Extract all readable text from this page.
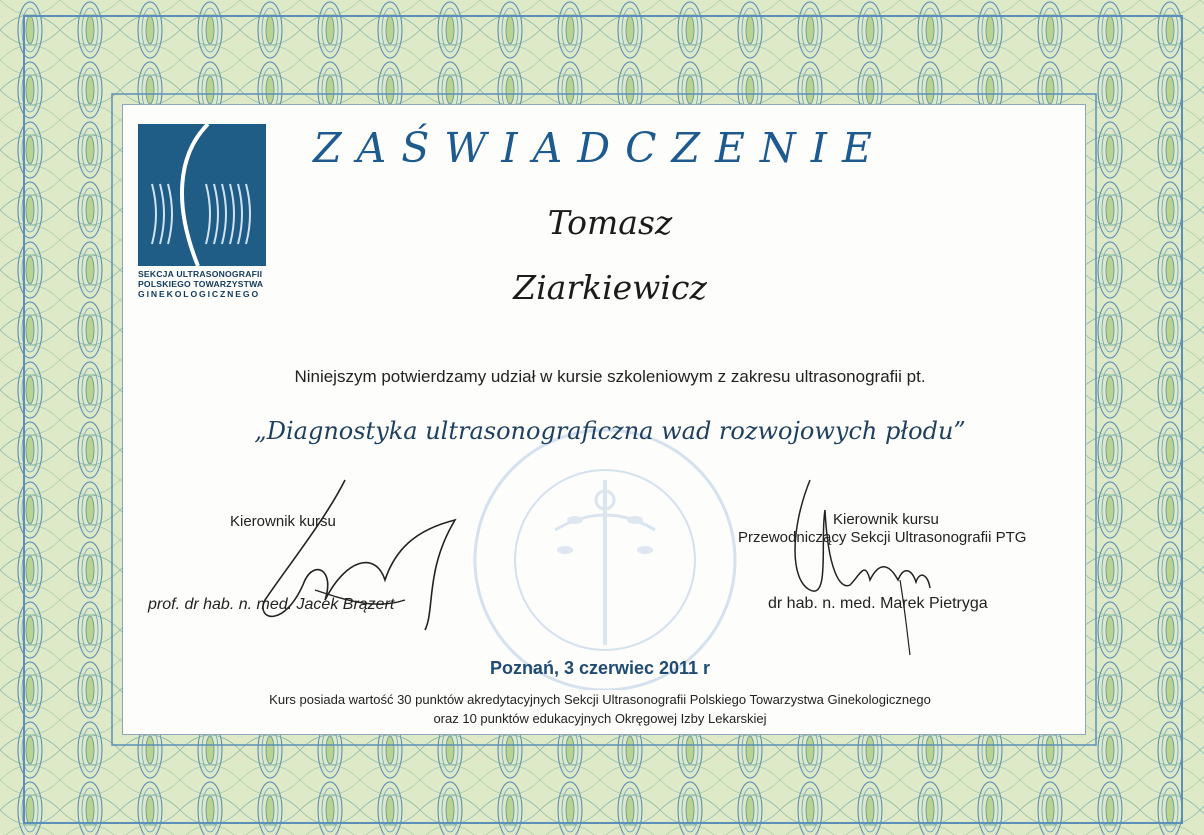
SEKCJA ULTRASONOGRAFII
POLSKIEGO TOWARZYSTWA
GINEKOLOGICZNEGO
ZAŚWIADCZENIE
Tomasz
Ziarkiewicz
Niniejszym potwierdzamy udział w kursie szkoleniowym z zakresu ultrasonografii pt.
„Diagnostyka ultrasonograficzna wad rozwojowych płodu”
Kierownik kursu
prof. dr hab. n. med. Jacek Brązert
Kierownik kursu
Przewodniczący Sekcji Ultrasonografii PTG
dr hab. n. med. Marek Pietryga
Poznań, 3 czerwiec 2011 r
Kurs posiada wartość 30 punktów akredytacyjnych Sekcji Ultrasonografii Polskiego Towarzystwa Ginekologicznego
oraz 10 punktów edukacyjnych Okręgowej Izby Lekarskiej
